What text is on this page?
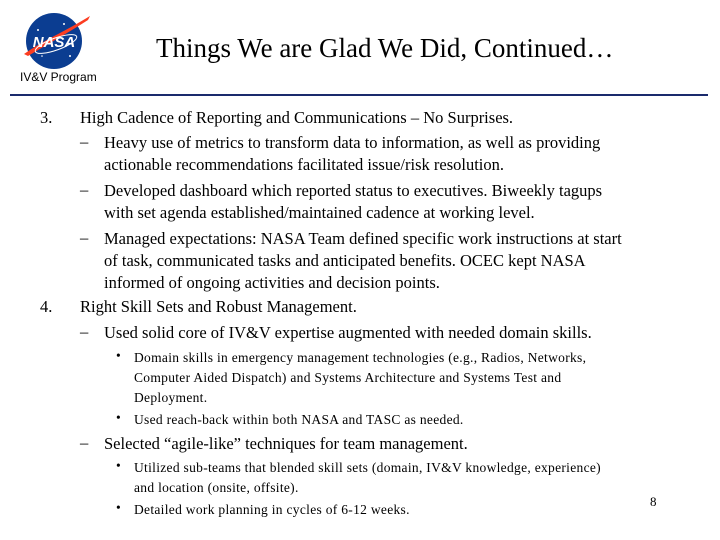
NASA
IV&V Program
Things We are Glad We Did, Continued…
3. High Cadence of Reporting and Communications – No Surprises.
– Heavy use of metrics to transform data to information, as well as providing
actionable recommendations facilitated issue/risk resolution.
– Developed dashboard which reported status to executives. Biweekly tagups
with set agenda established/maintained cadence at working level.
– Managed expectations: NASA Team defined specific work instructions at start
of task, communicated tasks and anticipated benefits. OCEC kept NASA
informed of ongoing activities and decision points.
4. Right Skill Sets and Robust Management.
– Used solid core of IV&V expertise augmented with needed domain skills.
• Domain skills in emergency management technologies (e.g., Radios, Networks,
Computer Aided Dispatch) and Systems Architecture and Systems Test and
Deployment.
• Used reach-back within both NASA and TASC as needed.
– Selected “agile-like” techniques for team management.
• Utilized sub-teams that blended skill sets (domain, IV&V knowledge, experience)
and location (onsite, offsite).
• Detailed work planning in cycles of 6-12 weeks.
8
